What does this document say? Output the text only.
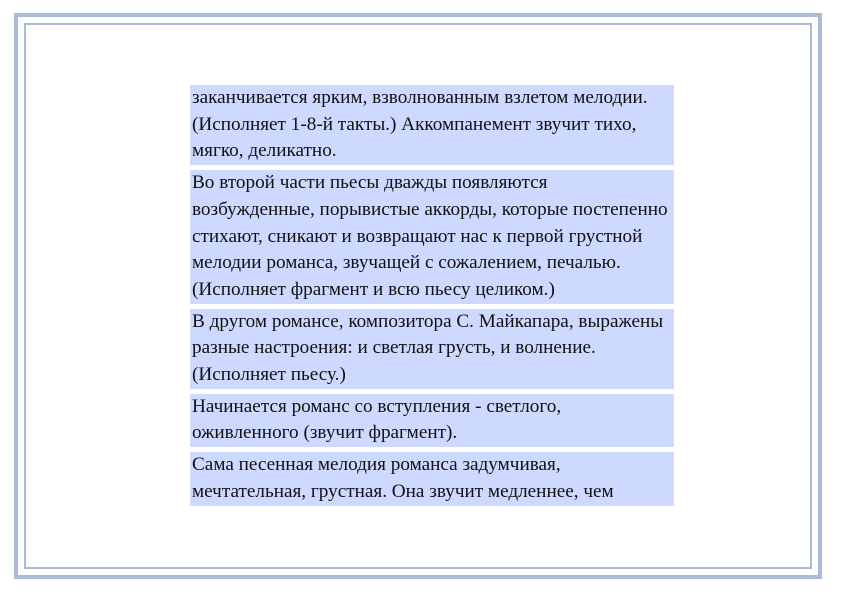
заканчивается ярким, взволнованным взлетом мелодии. (Исполняет 1-8-й такты.) Аккомпанемент звучит тихо, мягко, деликатно.
Во второй части пьесы дважды появляются возбужденные, порывистые аккорды, которые постепенно стихают, сникают и возвращают нас к первой грустной мелодии романса, звучащей с сожалением, печалью. (Исполняет фрагмент и всю пьесу целиком.)
В другом романсе, композитора С. Майкапара, выражены разные настроения: и светлая грусть, и волнение. (Исполняет пьесу.)
Начинается романс со вступления - светлого, оживленного (звучит фрагмент).
Сама песенная мелодия романса задумчивая, мечтательная, грустная. Она звучит медленнее, чем
